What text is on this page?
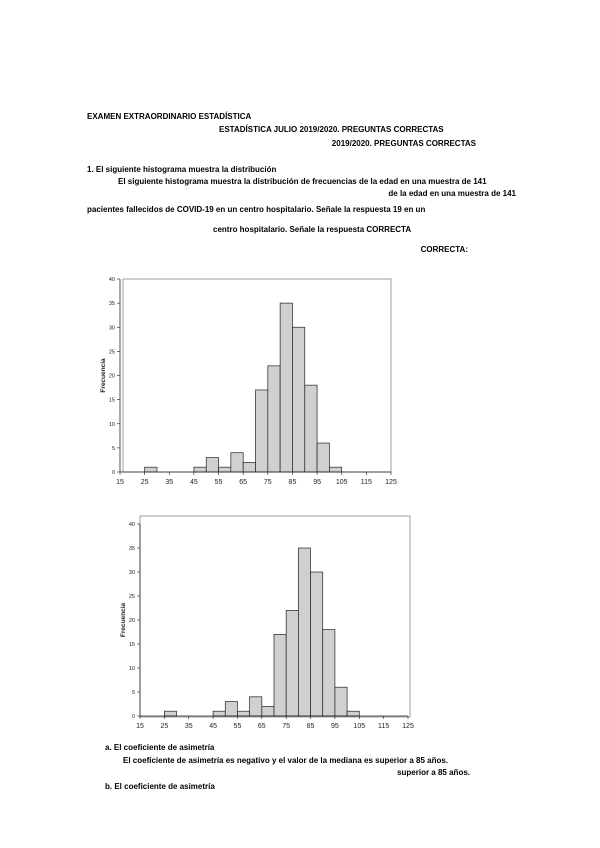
EXAMEN EXTRAORDINARIO ESTADÍSTICA
ESTADÍSTICA JULIO 2019/2020. PREGUNTAS CORRECTAS
2019/2020. PREGUNTAS CORRECTAS
1. El siguiente histograma muestra la distribución
El siguiente histograma muestra la distribución de frecuencias de la edad en una muestra de 141
de la edad en una muestra de 141
pacientes fallecidos de COVID-19 en un centro hospitalario. Señale la respuesta 19 en un
centro hospitalario. Señale la respuesta CORRECTA
CORRECTA:
0
5
10
15
20
25
30
35
40
15 25 35 45 55 65 75 85 95 105 115 125
Frecuencia
0
5
10
15
20
25
30
35
40
15 25 35 45 55 65 75 85 95 105 115 125
Frecuencia
a. El coeficiente de asimetría
El coeficiente de asimetría es negativo y el valor de la mediana es superior a 85 años.
superior a 85 años.
b. El coeficiente de asimetría
